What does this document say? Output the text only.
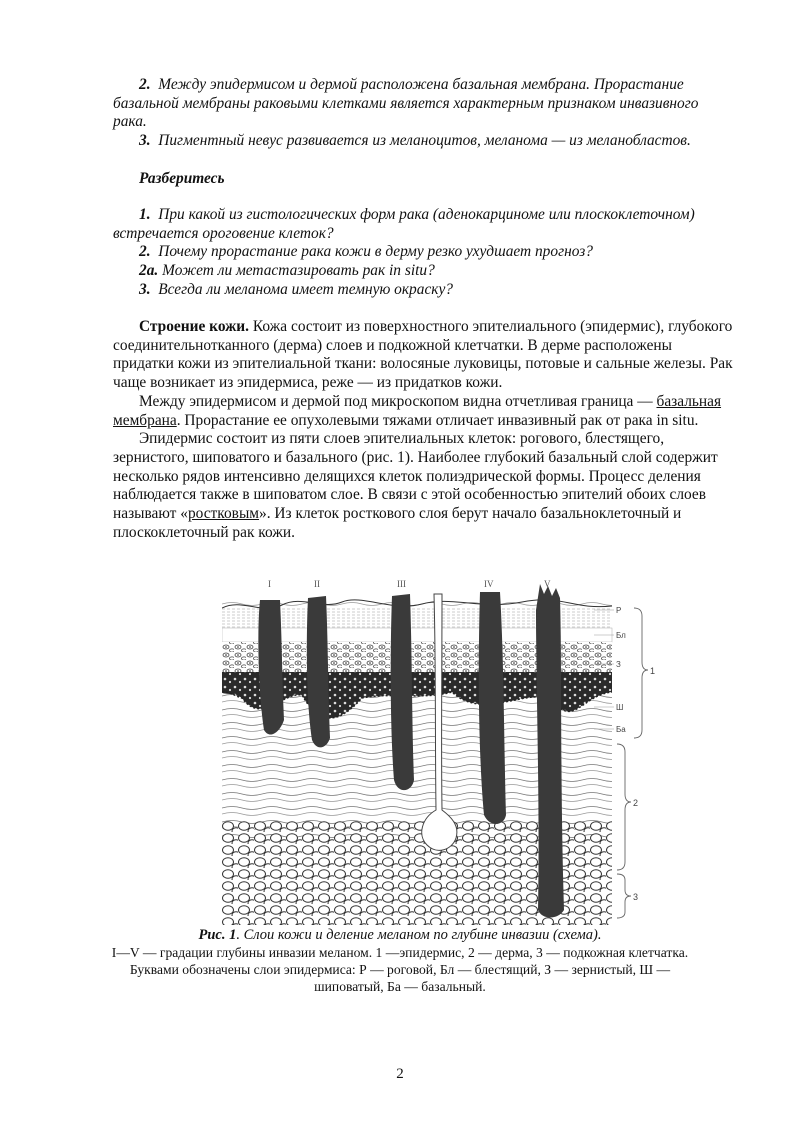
2. Между эпидермисом и дермой расположена базальная мембрана. Прорастание базальной мембраны раковыми клетками является характерным признаком инвазивного рака.

3. Пигментный невус развивается из меланоцитов, меланома — из меланобластов.

Разберитесь

1. При какой из гистологических форм рака (аденокарциноме или плоскоклеточном) встречается ороговение клеток?

2. Почему прорастание рака кожи в дерму резко ухудшает прогноз?

2а. Может ли метастазировать рак in situ?

3. Всегда ли меланома имеет темную окраску?

Строение кожи. Кожа состоит из поверхностного эпителиального (эпидермис), глубокого соединительнотканного (дерма) слоев и подкожной клетчатки. В дерме расположены придатки кожи из эпителиальной ткани: волосяные луковицы, потовые и сальные железы. Рак чаще возникает из эпидермиса, реже — из придатков кожи.

Между эпидермисом и дермой под микроскопом видна отчетливая граница — базальная мембрана. Прорастание ее опухолевыми тяжами отличает инвазивный рак от рака in situ.

Эпидермис состоит из пяти слоев эпителиальных клеток: рогового, блестящего, зернистого, шиповатого и базального (рис. 1). Наиболее глубокий базальный слой содержит несколько рядов интенсивно делящихся клеток полиэдрической формы. Процесс деления наблюдается также в шиповатом слое. В связи с этой особенностью эпителий обоих слоев называют «ростковым». Из клеток росткового слоя берут начало базальноклеточный и плоскоклеточный рак кожи.

I	II	III	IV	V
Р
Бл
З
Ш
Ба
1
2
3
Рис. 1. Слои кожи и деление меланом по глубине инвазии (схема).
I—V — градации глубины инвазии меланом. 1 —эпидермис, 2 — дерма, 3 — подкожная клетчатка. Буквами обозначены слои эпидермиса: Р — роговой, Бл — блестящий, З — зернистый, Ш — шиповатый, Ба — базальный.
2
